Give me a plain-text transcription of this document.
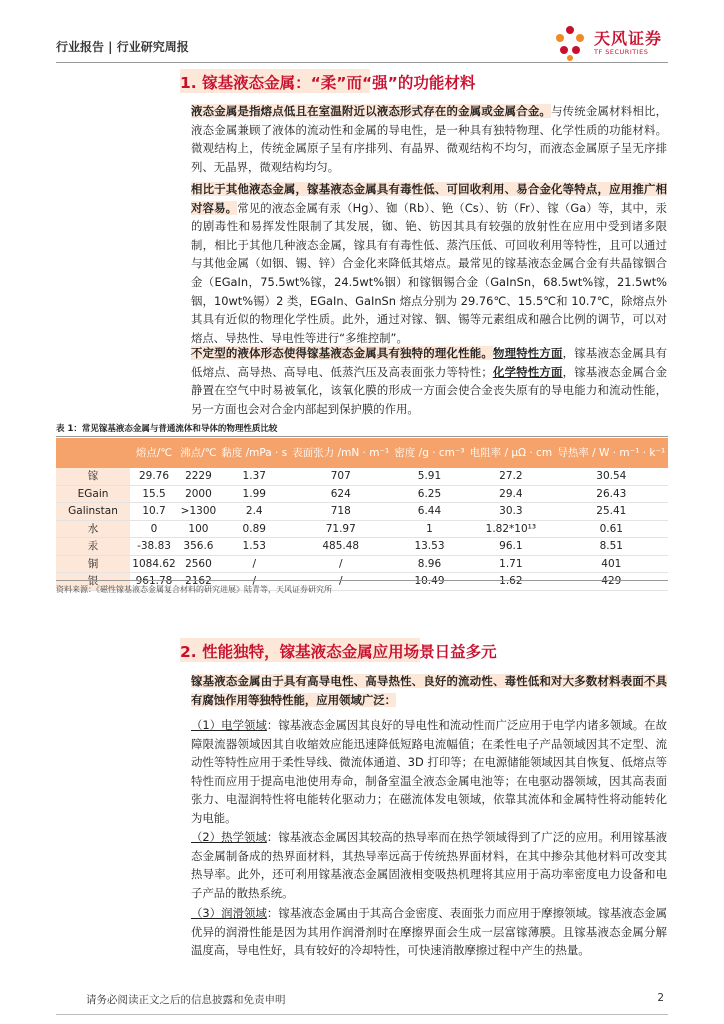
行业报告 | 行业研究周报	天风证券
TF SECURITIES
1. 镓基液态金属：“柔”而“强”的功能材料

液态金属是指熔点低且在室温附近以液态形式存在的金属或金属合金。与传统金属材料相比，液态金属兼顾了液体的流动性和金属的导电性，是一种具有独特物理、化学性质的功能材料。微观结构上，传统金属原子呈有序排列、有晶界、微观结构不均匀，而液态金属原子呈无序排列、无晶界，微观结构均匀。

相比于其他液态金属，镓基液态金属具有毒性低、可回收利用、易合金化等特点，应用推广相对容易。常见的液态金属有汞（Hg）、铷（Rb）、铯（Cs）、钫（Fr）、镓（Ga）等，其中，汞的剧毒性和易挥发性限制了其发展，铷、铯、钫因其具有较强的放射性在应用中受到诸多限制，相比于其他几种液态金属，镓具有有毒性低、蒸汽压低、可回收利用等特性，且可以通过与其他金属（如铟、锡、锌）合金化来降低其熔点。最常见的镓基液态金属合金有共晶镓铟合金（EGaIn，75.5wt%镓，24.5wt%铟）和镓铟锡合金（GaInSn，68.5wt%镓，21.5wt%铟，10wt%锡）2 类，EGaIn、GaInSn 熔点分别为 29.76℃、15.5℃和 10.7℃，除熔点外其具有近似的物理化学性质。此外，通过对镓、铟、锡等元素组成和融合比例的调节，可以对熔点、导热性、导电性等进行“多维控制”。

不定型的液体形态使得镓基液态金属具有独特的理化性能。物理特性方面，镓基液态金属具有低熔点、高导热、高导电、低蒸汽压及高表面张力等特性；化学特性方面，镓基液态金属合金静置在空气中时易被氧化，该氧化膜的形成一方面会使合金丧失原有的导电能力和流动性能，另一方面也会对合金内部起到保护膜的作用。

表 1：常见镓基液态金属与普通流体和导体的物理性质比较
	熔点/℃	沸点/℃	黏度 /mPa · s	表面张力 /mN · m⁻¹	密度 /g · cm⁻³	电阻率 / μΩ · cm	导热率 / W · m⁻¹ · k⁻¹
镓	29.76	2229	1.37	707	5.91	27.2	30.54
EGain	15.5	2000	1.99	624	6.25	29.4	26.43
Galinstan	10.7	>1300	2.4	718	6.44	30.3	25.41
水	0	100	0.89	71.97	1	1.82*10¹³	0.61
汞	-38.83	356.6	1.53	485.48	13.53	96.1	8.51
铜	1084.62	2560	/	/	8.96	1.71	401
银	961.78	2162	/	/	10.49	1.62	429
资料来源：《磁性镓基液态金属复合材料的研究进展》陆青等，天风证券研究所
2. 性能独特，镓基液态金属应用场景日益多元

镓基液态金属由于具有高导电性、高导热性、良好的流动性、毒性低和对大多数材料表面不具有腐蚀作用等独特性能，应用领域广泛：

（1）电学领域：镓基液态金属因其良好的导电性和流动性而广泛应用于电学内诸多领域。在故障限流器领域因其自收缩效应能迅速降低短路电流幅值；在柔性电子产品领域因其不定型、流动性等特性应用于柔性导线、微流体通道、3D 打印等；在电源储能领域因其自恢复、低熔点等特性而应用于提高电池使用寿命，制备室温全液态金属电池等；在电驱动器领域，因其高表面张力、电湿润特性将电能转化驱动力；在磁流体发电领域，依靠其流体和金属特性将动能转化为电能。

（2）热学领域：镓基液态金属因其较高的热导率而在热学领域得到了广泛的应用。利用镓基液态金属制备成的热界面材料，其热导率远高于传统热界面材料，在其中掺杂其他材料可改变其热导率。此外，还可利用镓基液态金属固液相变吸热机理将其应用于高功率密度电力设备和电子产品的散热系统。

（3）润滑领域：镓基液态金属由于其高合金密度、表面张力而应用于摩擦领域。镓基液态金属优异的润滑性能是因为其用作润滑剂时在摩擦界面会生成一层富镓薄膜。且镓基液态金属分解温度高，导电性好，具有较好的冷却特性，可快速消散摩擦过程中产生的热量。

请务必阅读正文之后的信息披露和免责申明	2
